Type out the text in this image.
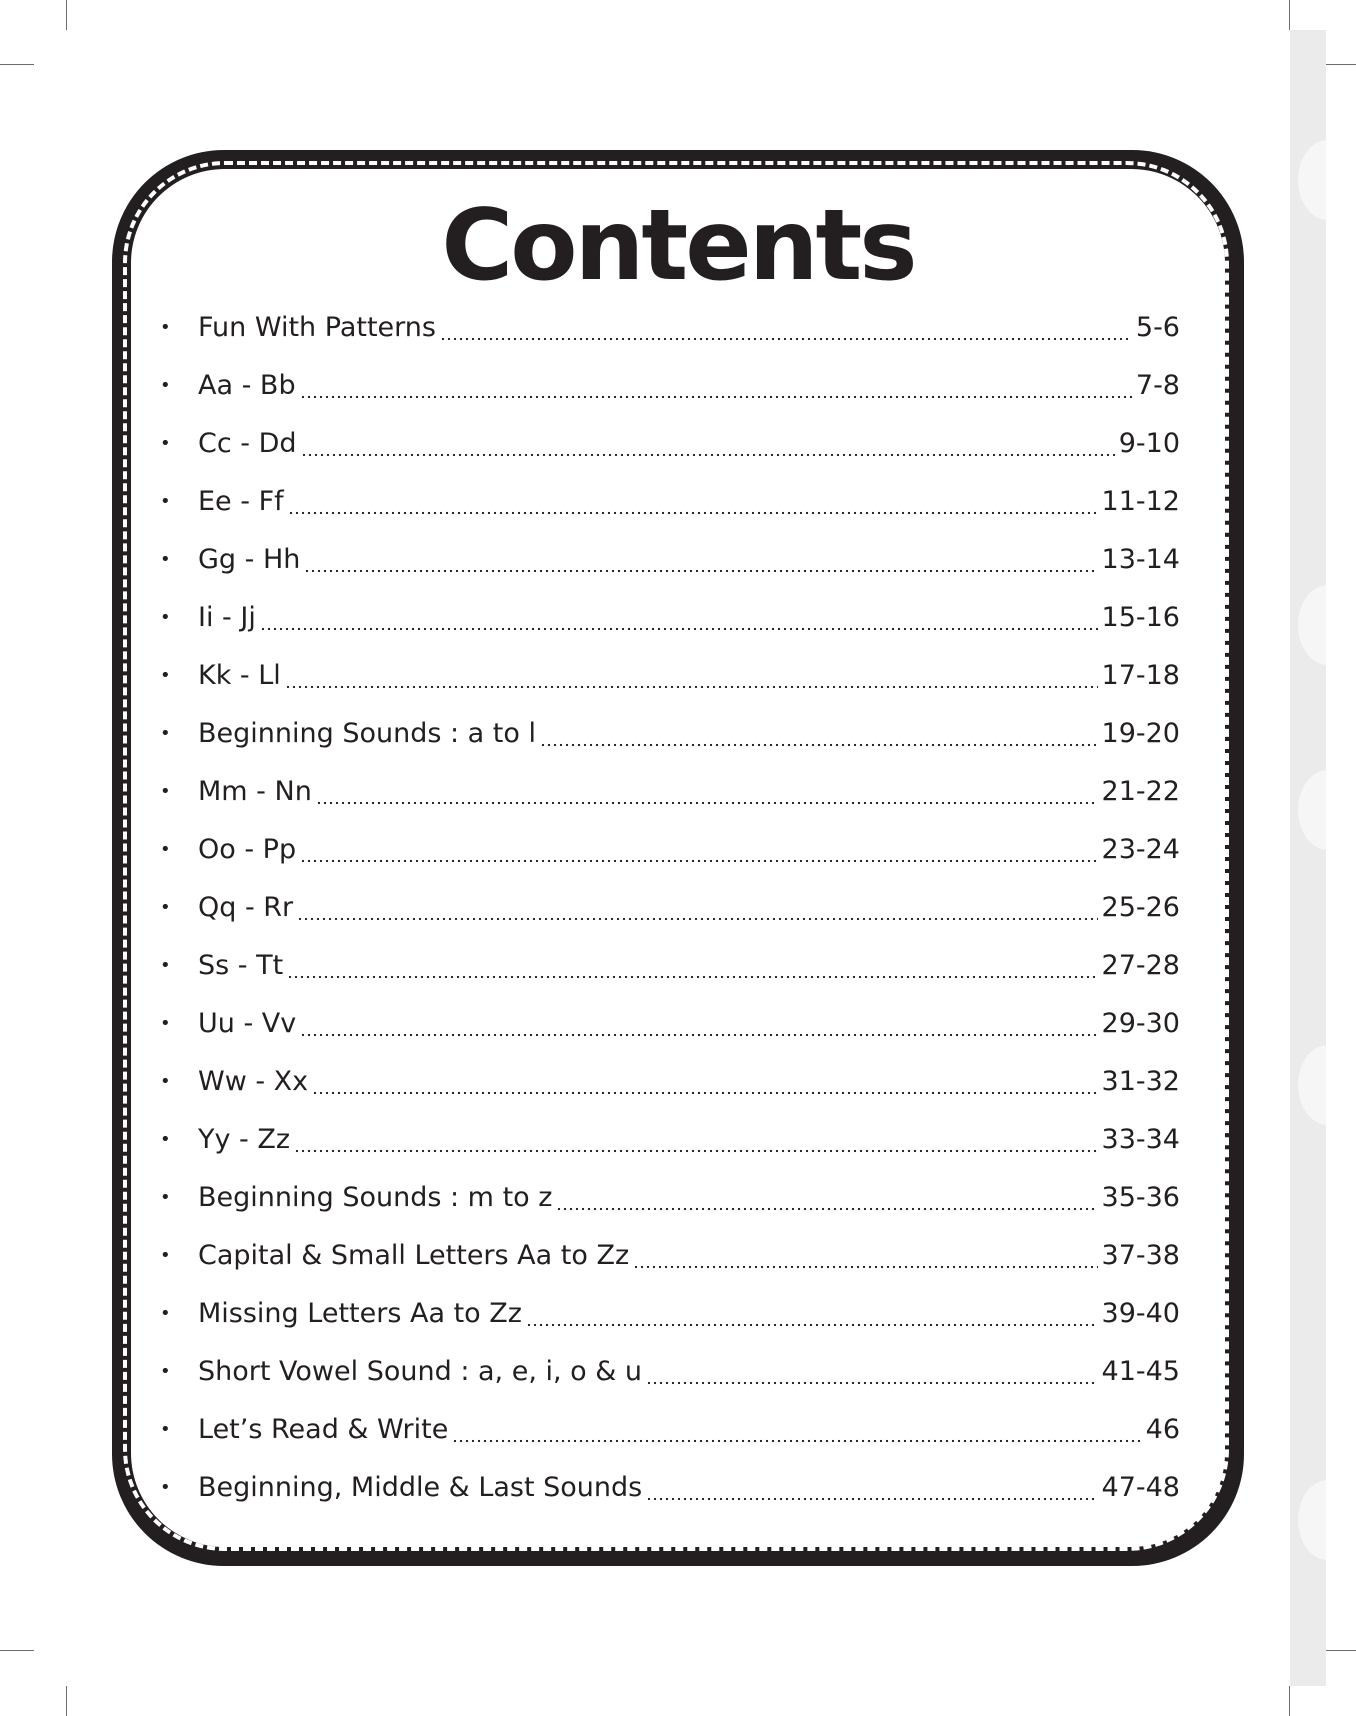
Contents
•	Fun With Patterns	5-6
•	Aa - Bb	7-8
•	Cc - Dd	9-10
•	Ee - Ff	11-12
•	Gg - Hh	13-14
•	Ii - Jj	15-16
•	Kk - Ll	17-18
•	Beginning Sounds : a to l	19-20
•	Mm - Nn	21-22
•	Oo - Pp	23-24
•	Qq - Rr	25-26
•	Ss - Tt	27-28
•	Uu - Vv	29-30
•	Ww - Xx	31-32
•	Yy - Zz	33-34
•	Beginning Sounds : m to z	35-36
•	Capital & Small Letters Aa to Zz	37-38
•	Missing Letters Aa to Zz	39-40
•	Short Vowel Sound : a, e, i, o & u	41-45
•	Let’s Read & Write	46
•	Beginning, Middle & Last Sounds	47-48
